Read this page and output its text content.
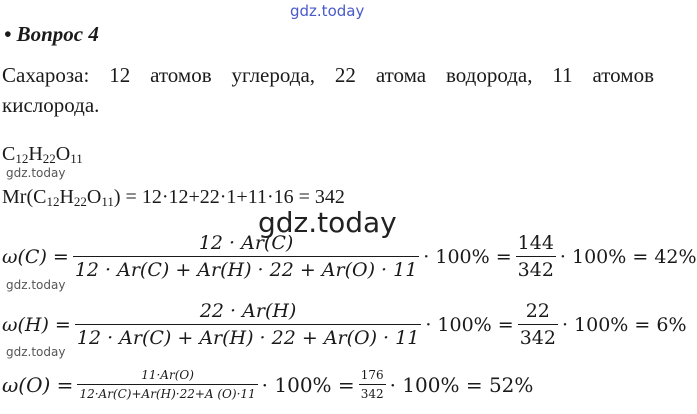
gdz.today
gdz.today
gdz.today
gdz.today
gdz.today
• Вопрос 4
Сахароза: 12 атомов углерода, 22 атома водорода, 11 атомов кислорода.
$C_{12}H_{22}O_{11}$
$Mr(C_{12}H_{22}O_{11}) = 12\cdot 12+22\cdot 1+11\cdot 16 = 342$
$\omega(C) = \frac{12 \cdot Ar(C)}{12 \cdot Ar(C) + Ar(H) \cdot 22 + Ar(O) \cdot 11} \cdot 100\% = \frac{144}{342} \cdot 100\% = 42\%$
$\omega(H) = \frac{22 \cdot Ar(H)}{12 \cdot Ar(C) + Ar(H) \cdot 22 + Ar(O) \cdot 11} \cdot 100\% = \frac{22}{342} \cdot 100\% = 6\%$
$\omega(O) = \frac{11\cdot Ar(O)}{12\cdot Ar(C)+Ar(H)\cdot 22+A (O)\cdot 11} \cdot 100\% = \frac{176}{342} \cdot 100\% = 52\%$
